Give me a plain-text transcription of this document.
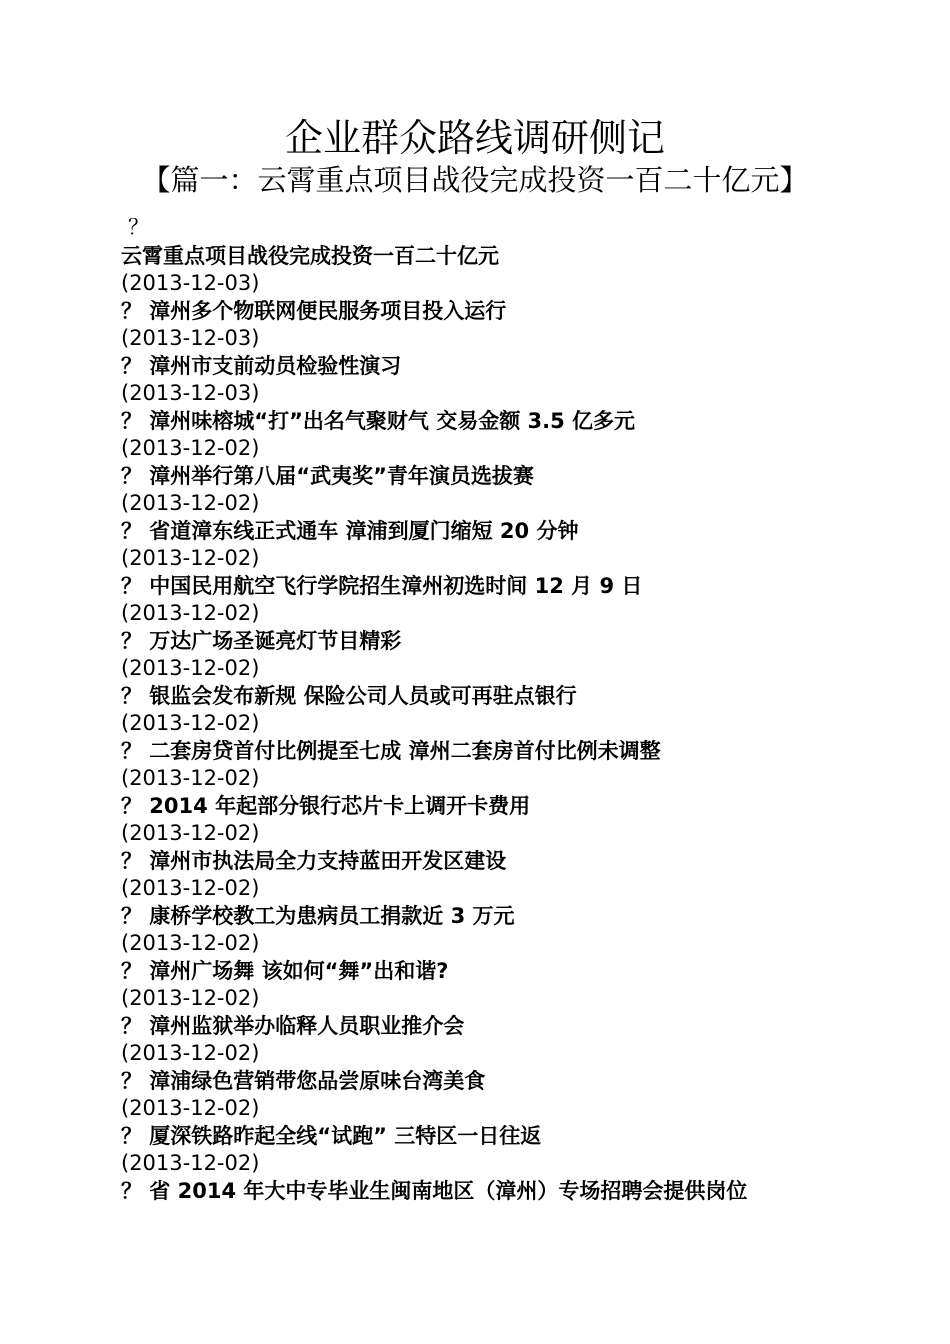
企业群众路线调研侧记
【篇一：云霄重点项目战役完成投资一百二十亿元】

？

云霄重点项目战役完成投资一百二十亿元
(2013-12-03)
？ 漳州多个物联网便民服务项目投入运行
(2013-12-03)
？ 漳州市支前动员检验性演习
(2013-12-03)
？ 漳州味榕城“打”出名气聚财气 交易金额 3.5 亿多元
(2013-12-02)
？ 漳州举行第八届“武夷奖”青年演员选拔赛
(2013-12-02)
？ 省道漳东线正式通车 漳浦到厦门缩短 20 分钟
(2013-12-02)
？ 中国民用航空飞行学院招生漳州初选时间 12 月 9 日
(2013-12-02)
？ 万达广场圣诞亮灯节目精彩
(2013-12-02)
？ 银监会发布新规 保险公司人员或可再驻点银行
(2013-12-02)
？ 二套房贷首付比例提至七成 漳州二套房首付比例未调整
(2013-12-02)
？ 2014 年起部分银行芯片卡上调开卡费用
(2013-12-02)
？ 漳州市执法局全力支持蓝田开发区建设
(2013-12-02)
？ 康桥学校教工为患病员工捐款近 3 万元
(2013-12-02)
？ 漳州广场舞 该如何“舞”出和谐?
(2013-12-02)
？ 漳州监狱举办临释人员职业推介会
(2013-12-02)
？ 漳浦绿色营销带您品尝原味台湾美食
(2013-12-02)
？ 厦深铁路昨起全线“试跑” 三特区一日往返
(2013-12-02)
？ 省 2014 年大中专毕业生闽南地区（漳州）专场招聘会提供岗位
